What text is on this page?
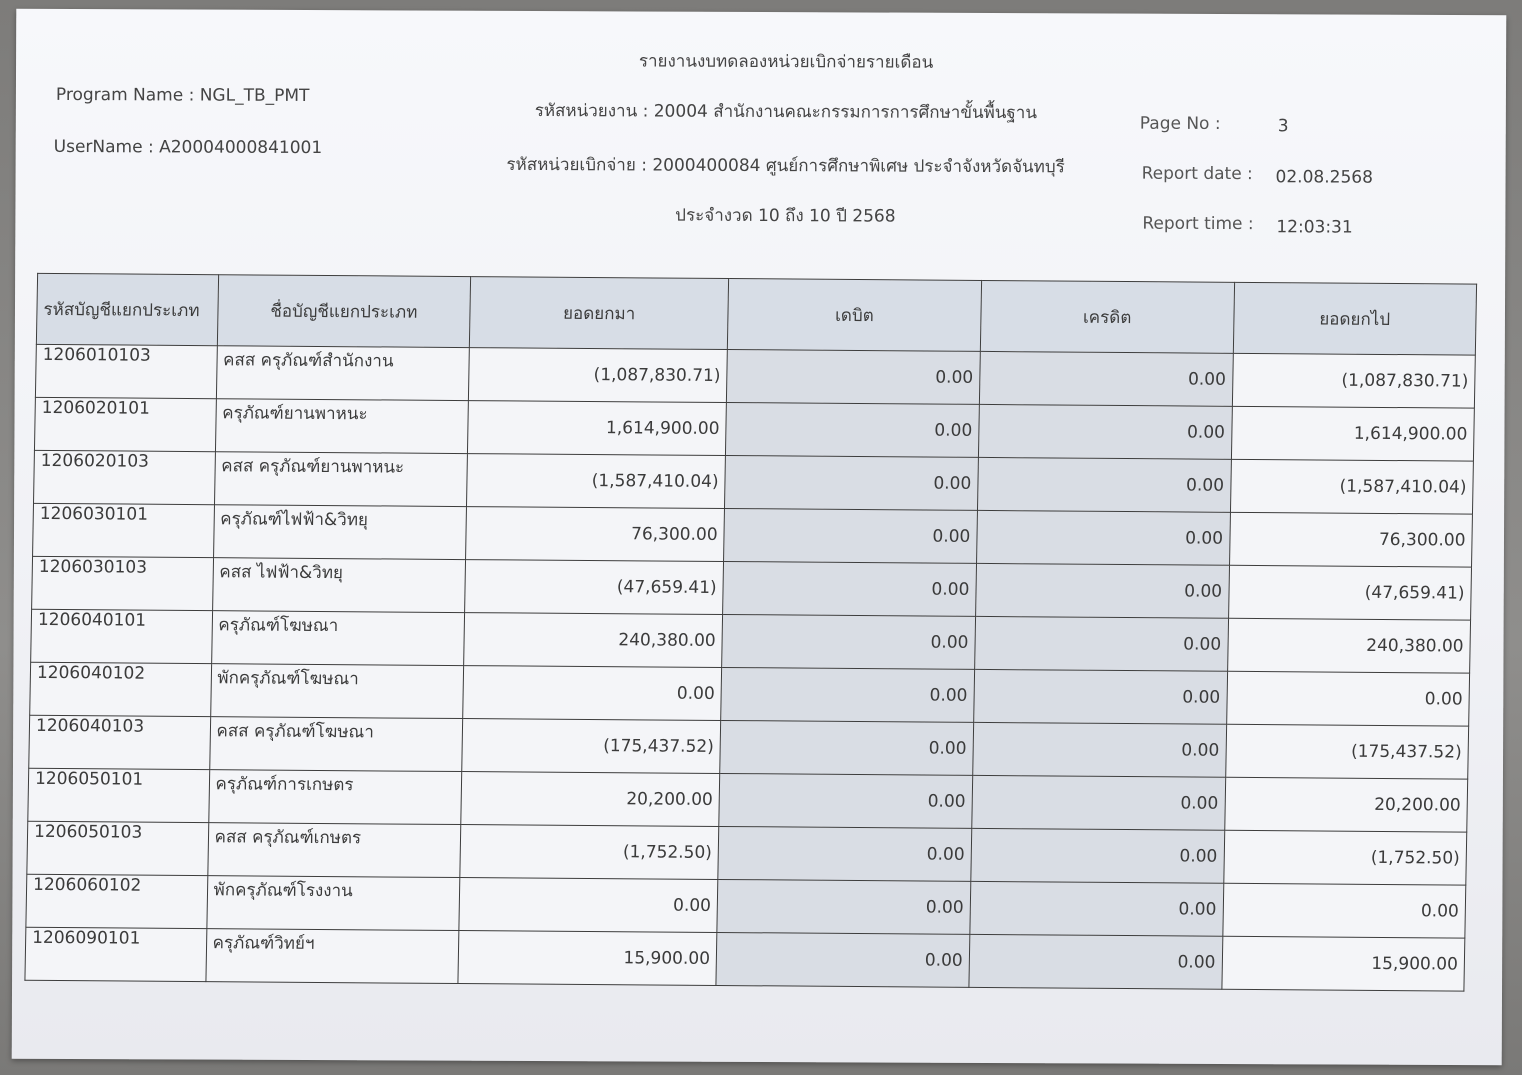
รายงานงบทดลองหน่วยเบิกจ่ายรายเดือน
Program Name : NGL_TB_PMT
UserName : A20004000841001
รหัสหน่วยงาน : 20004 สำนักงานคณะกรรมการการศึกษาขั้นพื้นฐาน
รหัสหน่วยเบิกจ่าย : 2000400084 ศูนย์การศึกษาพิเศษ ประจำจังหวัดจันทบุรี
ประจำงวด 10 ถึง 10 ปี 2568
Page No :	3
Report date : 02.08.2568
Report time : 12:03:31
รหัสบัญชีแยกประเภท	ชื่อบัญชีแยกประเภท	ยอดยกมา	เดบิต	เครดิต	ยอดยกไป
1206010103	คสส ครุภัณฑ์สำนักงาน	(1,087,830.71)	0.00	0.00	(1,087,830.71)
1206020101	ครุภัณฑ์ยานพาหนะ	1,614,900.00	0.00	0.00	1,614,900.00
1206020103	คสส ครุภัณฑ์ยานพาหนะ	(1,587,410.04)	0.00	0.00	(1,587,410.04)
1206030101	ครุภัณฑ์ไฟฟ้า&วิทยุ	76,300.00	0.00	0.00	76,300.00
1206030103	คสส ไฟฟ้า&วิทยุ	(47,659.41)	0.00	0.00	(47,659.41)
1206040101	ครุภัณฑ์โฆษณา	240,380.00	0.00	0.00	240,380.00
1206040102	พักครุภัณฑ์โฆษณา	0.00	0.00	0.00	0.00
1206040103	คสส ครุภัณฑ์โฆษณา	(175,437.52)	0.00	0.00	(175,437.52)
1206050101	ครุภัณฑ์การเกษตร	20,200.00	0.00	0.00	20,200.00
1206050103	คสส ครุภัณฑ์เกษตร	(1,752.50)	0.00	0.00	(1,752.50)
1206060102	พักครุภัณฑ์โรงงาน	0.00	0.00	0.00	0.00
1206090101	ครุภัณฑ์วิทย์ฯ	15,900.00	0.00	0.00	15,900.00
